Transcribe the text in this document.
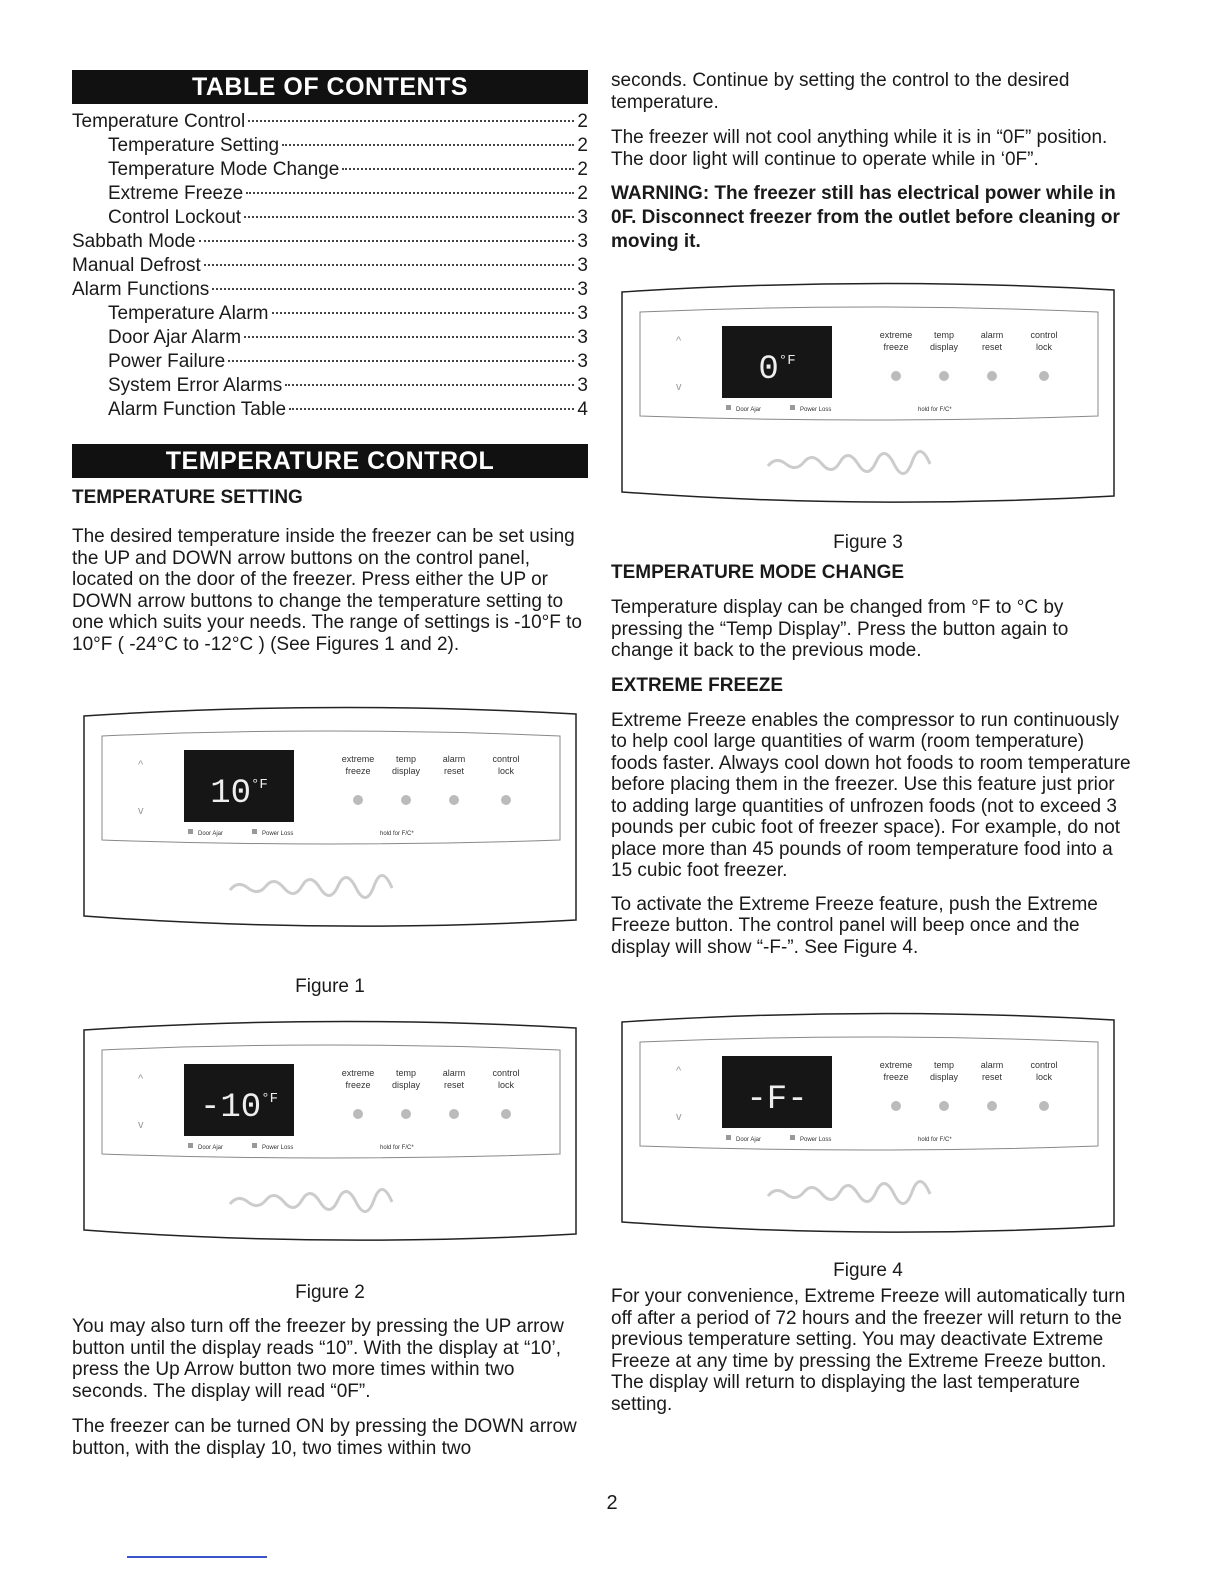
TABLE OF CONTENTS
Temperature Control	2
Temperature Setting	2
Temperature Mode Change	2
Extreme Freeze	2
Control Lockout	3
Sabbath Mode	3
Manual Defrost	3
Alarm Functions	3
Temperature Alarm	3
Door Ajar Alarm	3
Power Failure	3
System Error Alarms	3
Alarm Function Table	4
TEMPERATURE CONTROL
TEMPERATURE SETTING

The desired temperature inside the freezer can be set using the UP and DOWN arrow buttons on the control panel, located on the door of the freezer. Press either the UP or DOWN arrow buttons to change the temperature setting to one which suits your needs. The range of settings is -10°F to 10°F ( -24°C to -12°C ) (See Figures 1 and 2).

seconds. Continue by setting the control to the desired temperature.

The freezer will not cool anything while it is in “0F” position. The door light will continue to operate while in ‘0F”.

WARNING: The freezer still has electrical power while in 0F. Disconnect freezer from the outlet before cleaning or moving it.

^
v $10^{^\circ F}$
extreme
freeze
temp
display
alarm
reset
control
lock
Door Ajar	Power Loss	hold for F/C*
Figure 1
^
v $-10^{^\circ F}$
extreme
freeze
temp
display
alarm
reset
control
lock
Door Ajar	Power Loss	hold for F/C*
Figure 2
^
v $0^{^\circ F}$
extreme
freeze
temp
display
alarm
reset
control
lock
Door Ajar	Power Loss	hold for F/C*
Figure 3
^
v -F-
extreme
freeze
temp
display
alarm
reset
control
lock
Door Ajar	Power Loss	hold for F/C*
Figure 4

You may also turn off the freezer by pressing the UP arrow button until the display reads “10”. With the display at “10’, press the Up Arrow button two more times within two seconds. The display will read “0F”.

The freezer can be turned ON by pressing the DOWN arrow button, with the display 10, two times within two

TEMPERATURE MODE CHANGE

Temperature display can be changed from °F to °C by pressing the “Temp Display”. Press the button again to change it back to the previous mode.

EXTREME FREEZE

Extreme Freeze enables the compressor to run continuously to help cool large quantities of warm (room temperature) foods faster. Always cool down hot foods to room temperature before placing them in the freezer. Use this feature just prior to adding large quantities of unfrozen foods (not to exceed 3 pounds per cubic foot of freezer space). For example, do not place more than 45 pounds of room temperature food into a 15 cubic foot freezer.

To activate the Extreme Freeze feature, push the Extreme Freeze button. The control panel will beep once and the display will show “-F-”. See Figure 4.

For your convenience, Extreme Freeze will automatically turn off after a period of 72 hours and the freezer will return to the previous temperature setting. You may deactivate Extreme Freeze at any time by pressing the Extreme Freeze button. The display will return to displaying the last temperature setting.

2
